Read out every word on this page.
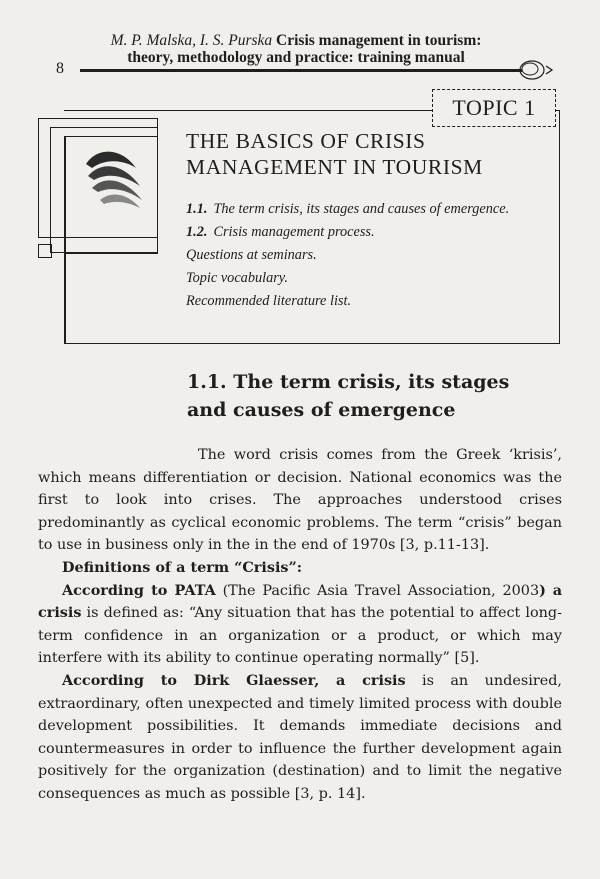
M. P. Malska, I. S. Purska Crisis management in tourism:
theory, methodology and practice: training manual
8
TOPIC 1
THE BASICS OF CRISIS
MANAGEMENT IN TOURISM
1.1. The term crisis, its stages and causes of emergence.
1.2. Crisis management process.
Questions at seminars.
Topic vocabulary.
Recommended literature list.
1.1. The term crisis, its stages
and causes of emergence

The word crisis comes from the Greek ‘krisis’, which means differentiation or decision. National economics was the first to look into crises. The approaches understood crises predominantly as cyclical economic problems. The term “crisis” began to use in business only in the in the end of 1970s [3, p.11-13].

Definitions of a term “Crisis”:

According to PATA (The Pacific Asia Travel Association, 2003) a crisis is defined as: “Any situation that has the potential to affect long-term confidence in an organization or a product, or which may interfere with its ability to continue operating normally” [5].

According to Dirk Glaesser, a crisis is an undesired, extraordinary, often unexpected and timely limited process with double development possibilities. It demands immediate decisions and countermeasures in order to influence the further development again positively for the organization (destination) and to limit the negative consequences as much as possible [3, p. 14].
